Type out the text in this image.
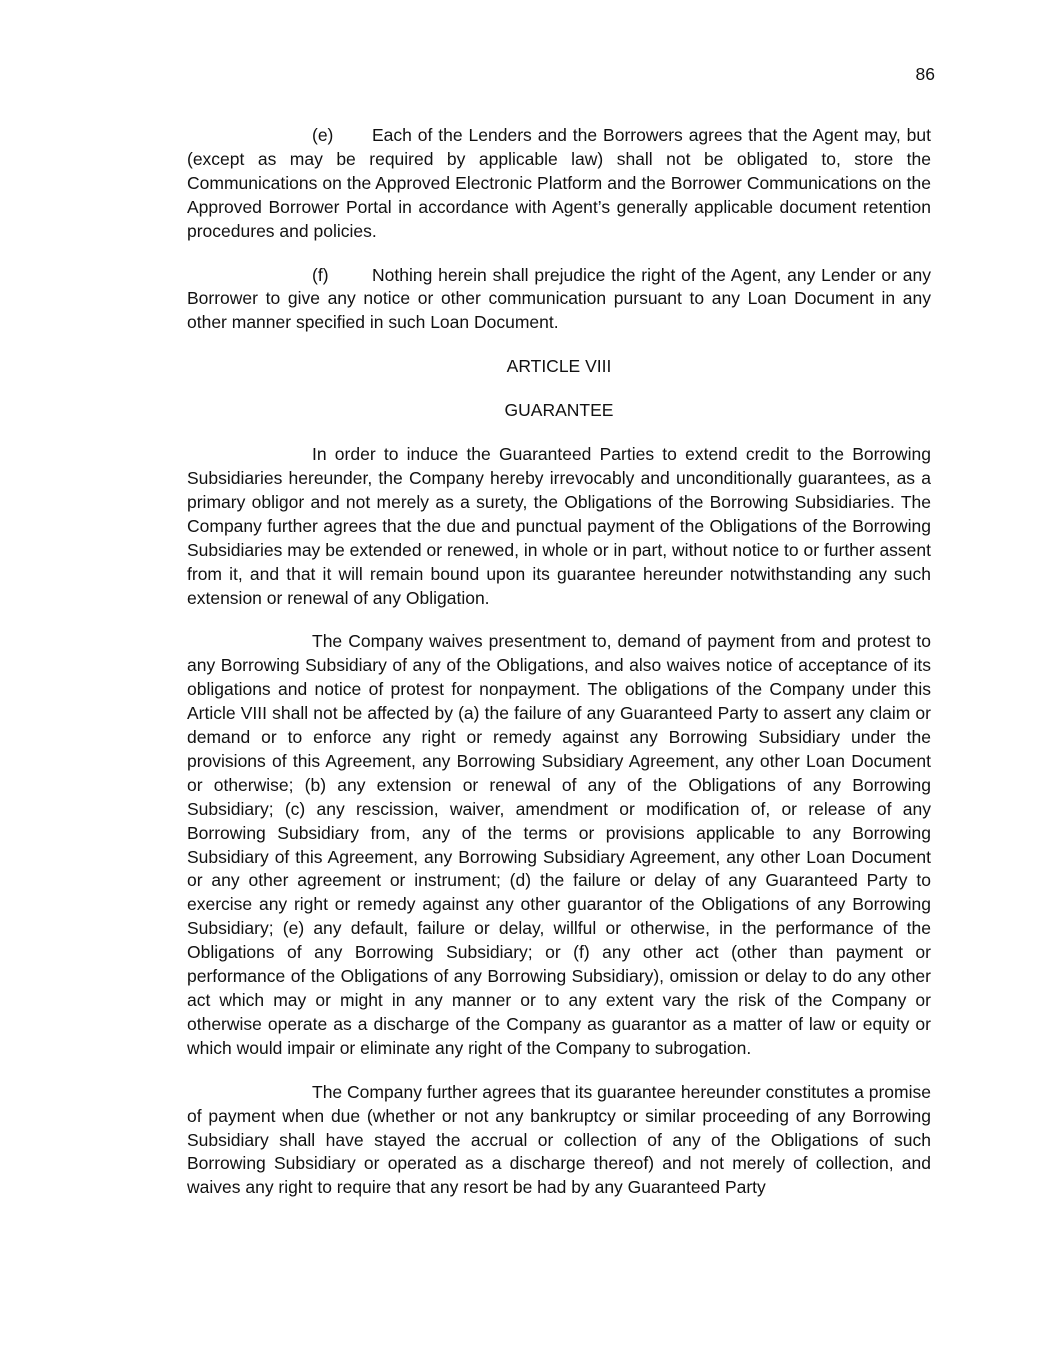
86

(e) Each of the Lenders and the Borrowers agrees that the Agent may, but (except as may be required by applicable law) shall not be obligated to, store the Communications on the Approved Electronic Platform and the Borrower Communications on the Approved Borrower Portal in accordance with Agent’s generally applicable document retention procedures and policies.

(f) Nothing herein shall prejudice the right of the Agent, any Lender or any Borrower to give any notice or other communication pursuant to any Loan Document in any other manner specified in such Loan Document.

ARTICLE VIII
GUARANTEE

In order to induce the Guaranteed Parties to extend credit to the Borrowing Subsidiaries hereunder, the Company hereby irrevocably and unconditionally guarantees, as a primary obligor and not merely as a surety, the Obligations of the Borrowing Subsidiaries. The Company further agrees that the due and punctual payment of the Obligations of the Borrowing Subsidiaries may be extended or renewed, in whole or in part, without notice to or further assent from it, and that it will remain bound upon its guarantee hereunder notwithstanding any such extension or renewal of any Obligation.

The Company waives presentment to, demand of payment from and protest to any Borrowing Subsidiary of any of the Obligations, and also waives notice of acceptance of its obligations and notice of protest for nonpayment. The obligations of the Company under this Article VIII shall not be affected by (a) the failure of any Guaranteed Party to assert any claim or demand or to enforce any right or remedy against any Borrowing Subsidiary under the provisions of this Agreement, any Borrowing Subsidiary Agreement, any other Loan Document or otherwise; (b) any extension or renewal of any of the Obligations of any Borrowing Subsidiary; (c) any rescission, waiver, amendment or modification of, or release of any Borrowing Subsidiary from, any of the terms or provisions applicable to any Borrowing Subsidiary of this Agreement, any Borrowing Subsidiary Agreement, any other Loan Document or any other agreement or instrument; (d) the failure or delay of any Guaranteed Party to exercise any right or remedy against any other guarantor of the Obligations of any Borrowing Subsidiary; (e) any default, failure or delay, willful or otherwise, in the performance of the Obligations of any Borrowing Subsidiary; or (f) any other act (other than payment or performance of the Obligations of any Borrowing Subsidiary), omission or delay to do any other act which may or might in any manner or to any extent vary the risk of the Company or otherwise operate as a discharge of the Company as guarantor as a matter of law or equity or which would impair or eliminate any right of the Company to subrogation.

The Company further agrees that its guarantee hereunder constitutes a promise of payment when due (whether or not any bankruptcy or similar proceeding of any Borrowing Subsidiary shall have stayed the accrual or collection of any of the Obligations of such Borrowing Subsidiary or operated as a discharge thereof) and not merely of collection, and waives any right to require that any resort be had by any Guaranteed Party
